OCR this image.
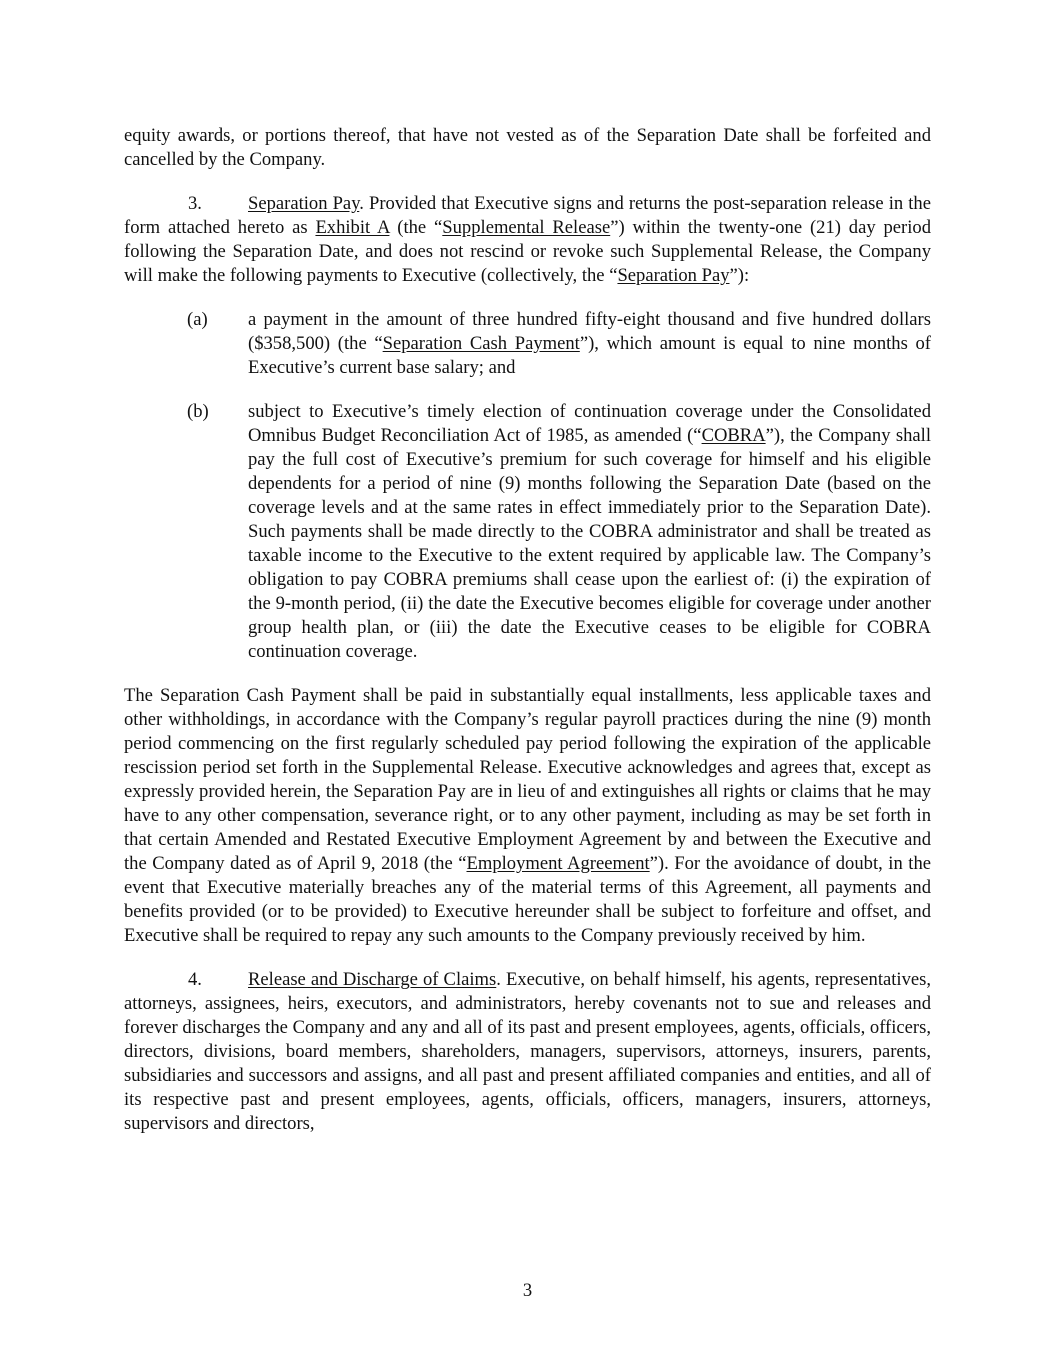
equity awards, or portions thereof, that have not vested as of the Separation Date shall be forfeited and cancelled by the Company.

3. Separation Pay. Provided that Executive signs and returns the post-separation release in the form attached hereto as Exhibit A (the “Supplemental Release”) within the twenty-one (21) day period following the Separation Date, and does not rescind or revoke such Supplemental Release, the Company will make the following payments to Executive (collectively, the “Separation Pay”):

(a)	a payment in the amount of three hundred fifty-eight thousand and five hundred dollars ($358,500) (the “Separation Cash Payment”), which amount is equal to nine months of Executive’s current base salary; and
(b)	subject to Executive’s timely election of continuation coverage under the Consolidated Omnibus Budget Reconciliation Act of 1985, as amended (“COBRA”), the Company shall pay the full cost of Executive’s premium for such coverage for himself and his eligible dependents for a period of nine (9) months following the Separation Date (based on the coverage levels and at the same rates in effect immediately prior to the Separation Date). Such payments shall be made directly to the COBRA administrator and shall be treated as taxable income to the Executive to the extent required by applicable law. The Company’s obligation to pay COBRA premiums shall cease upon the earliest of: (i) the expiration of the 9-month period, (ii) the date the Executive becomes eligible for coverage under another group health plan, or (iii) the date the Executive ceases to be eligible for COBRA continuation coverage.

The Separation Cash Payment shall be paid in substantially equal installments, less applicable taxes and other withholdings, in accordance with the Company’s regular payroll practices during the nine (9) month period commencing on the first regularly scheduled pay period following the expiration of the applicable rescission period set forth in the Supplemental Release. Executive acknowledges and agrees that, except as expressly provided herein, the Separation Pay are in lieu of and extinguishes all rights or claims that he may have to any other compensation, severance right, or to any other payment, including as may be set forth in that certain Amended and Restated Executive Employment Agreement by and between the Executive and the Company dated as of April 9, 2018 (the “Employment Agreement”). For the avoidance of doubt, in the event that Executive materially breaches any of the material terms of this Agreement, all payments and benefits provided (or to be provided) to Executive hereunder shall be subject to forfeiture and offset, and Executive shall be required to repay any such amounts to the Company previously received by him.

4. Release and Discharge of Claims. Executive, on behalf himself, his agents, representatives, attorneys, assignees, heirs, executors, and administrators, hereby covenants not to sue and releases and forever discharges the Company and any and all of its past and present employees, agents, officials, officers, directors, divisions, board members, shareholders, managers, supervisors, attorneys, insurers, parents, subsidiaries and successors and assigns, and all past and present affiliated companies and entities, and all of its respective past and present employees, agents, officials, officers, managers, insurers, attorneys, supervisors and directors,

3
